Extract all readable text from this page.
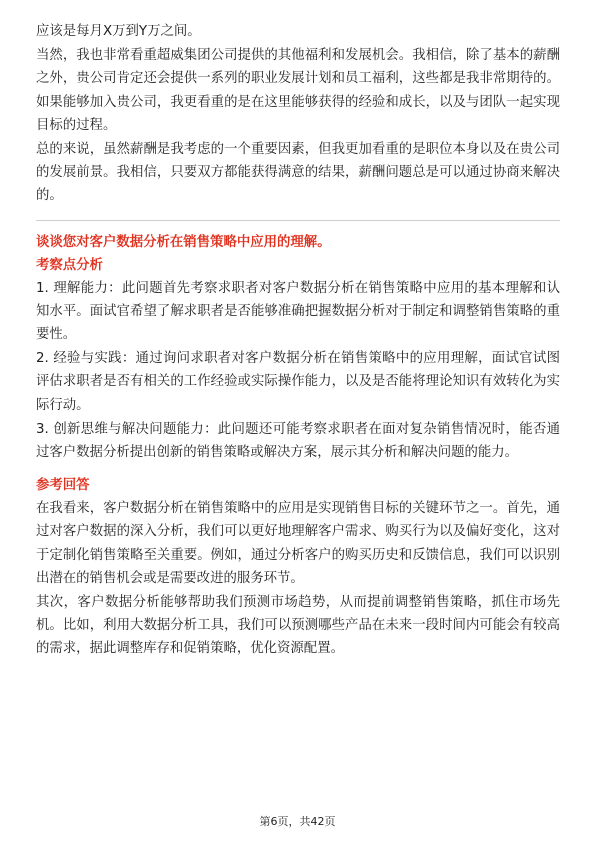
应该是每月X万到Y万之间。

当然，我也非常看重超威集团公司提供的其他福利和发展机会。我相信，除了基本的薪酬之外，贵公司肯定还会提供一系列的职业发展计划和员工福利，这些都是我非常期待的。如果能够加入贵公司，我更看重的是在这里能够获得的经验和成长，以及与团队一起实现目标的过程。

总的来说，虽然薪酬是我考虑的一个重要因素，但我更加看重的是职位本身以及在贵公司的发展前景。我相信，只要双方都能获得满意的结果，薪酬问题总是可以通过协商来解决的。

谈谈您对客户数据分析在销售策略中应用的理解。
考察点分析

1. 理解能力：此问题首先考察求职者对客户数据分析在销售策略中应用的基本理解和认知水平。面试官希望了解求职者是否能够准确把握数据分析对于制定和调整销售策略的重要性。

2. 经验与实践：通过询问求职者对客户数据分析在销售策略中的应用理解，面试官试图评估求职者是否有相关的工作经验或实际操作能力，以及是否能将理论知识有效转化为实际行动。

3. 创新思维与解决问题能力：此问题还可能考察求职者在面对复杂销售情况时，能否通过客户数据分析提出创新的销售策略或解决方案，展示其分析和解决问题的能力。

参考回答

在我看来，客户数据分析在销售策略中的应用是实现销售目标的关键环节之一。首先，通过对客户数据的深入分析，我们可以更好地理解客户需求、购买行为以及偏好变化，这对于定制化销售策略至关重要。例如，通过分析客户的购买历史和反馈信息，我们可以识别出潜在的销售机会或是需要改进的服务环节。

其次，客户数据分析能够帮助我们预测市场趋势，从而提前调整销售策略，抓住市场先机。比如，利用大数据分析工具，我们可以预测哪些产品在未来一段时间内可能会有较高的需求，据此调整库存和促销策略，优化资源配置。

第6页，共42页
